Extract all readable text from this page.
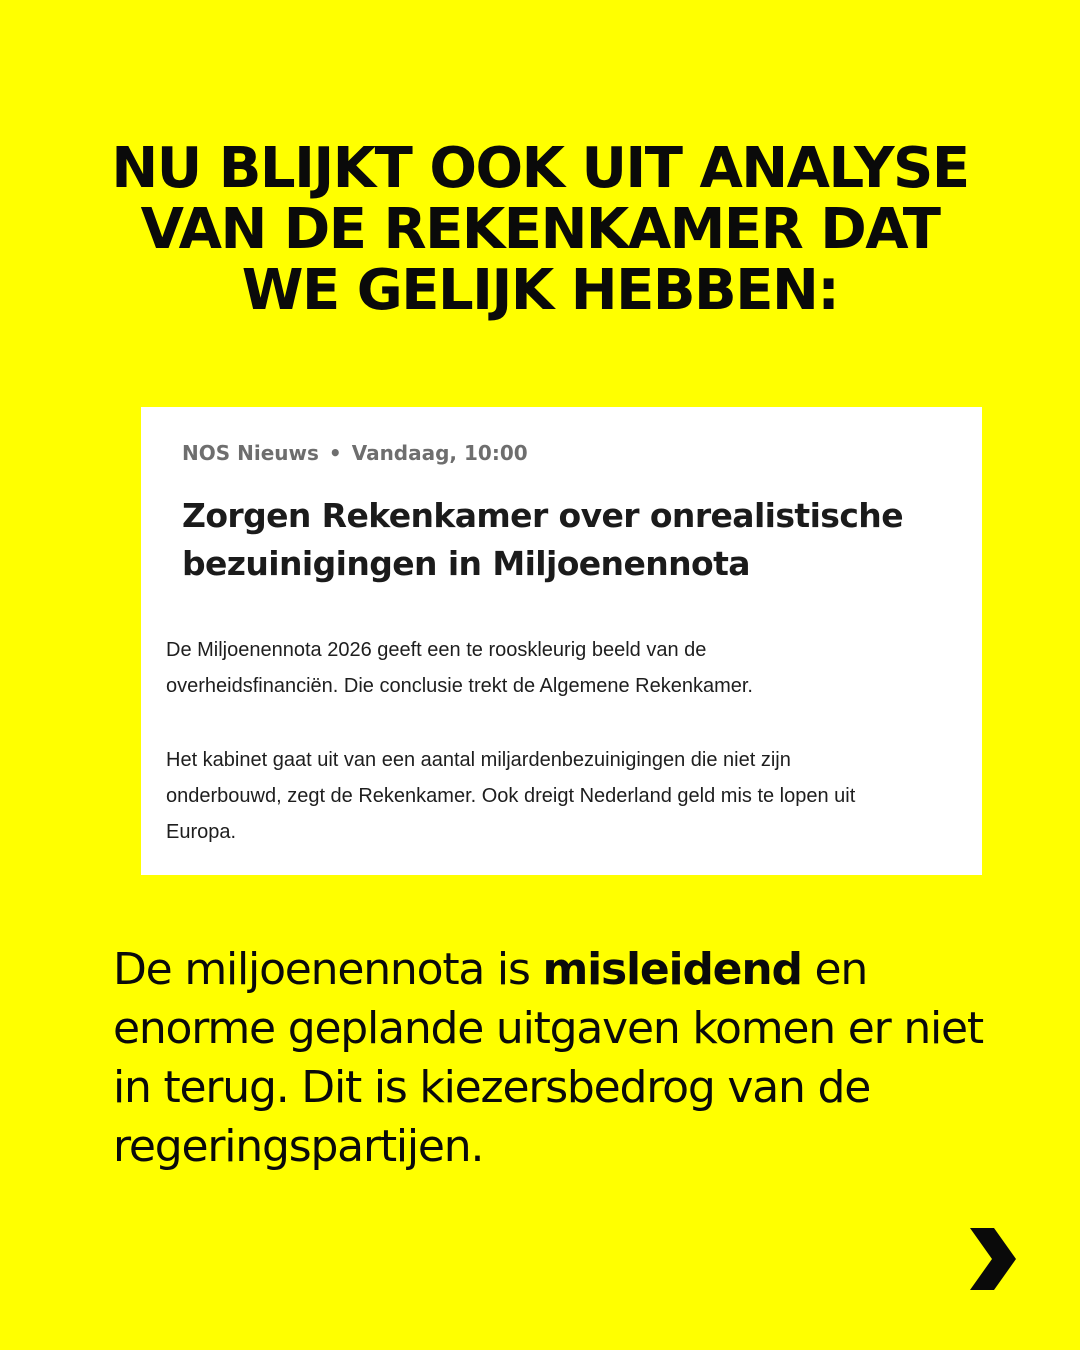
NU BLIJKT OOK UIT ANALYSE
VAN DE REKENKAMER DAT
WE GELIJK HEBBEN:
NOS Nieuws • Vandaag, 10:00
Zorgen Rekenkamer over onrealistische
bezuinigingen in Miljoenennota

De Miljoenennota 2026 geeft een te rooskleurig beeld van de
overheidsfinanciën. Die conclusie trekt de Algemene Rekenkamer.

Het kabinet gaat uit van een aantal miljardenbezuinigingen die niet zijn
onderbouwd, zegt de Rekenkamer. Ook dreigt Nederland geld mis te lopen uit
Europa.

De miljoenennota is misleidend en
enorme geplande uitgaven komen er niet
in terug. Dit is kiezersbedrog van de
regeringspartijen.
